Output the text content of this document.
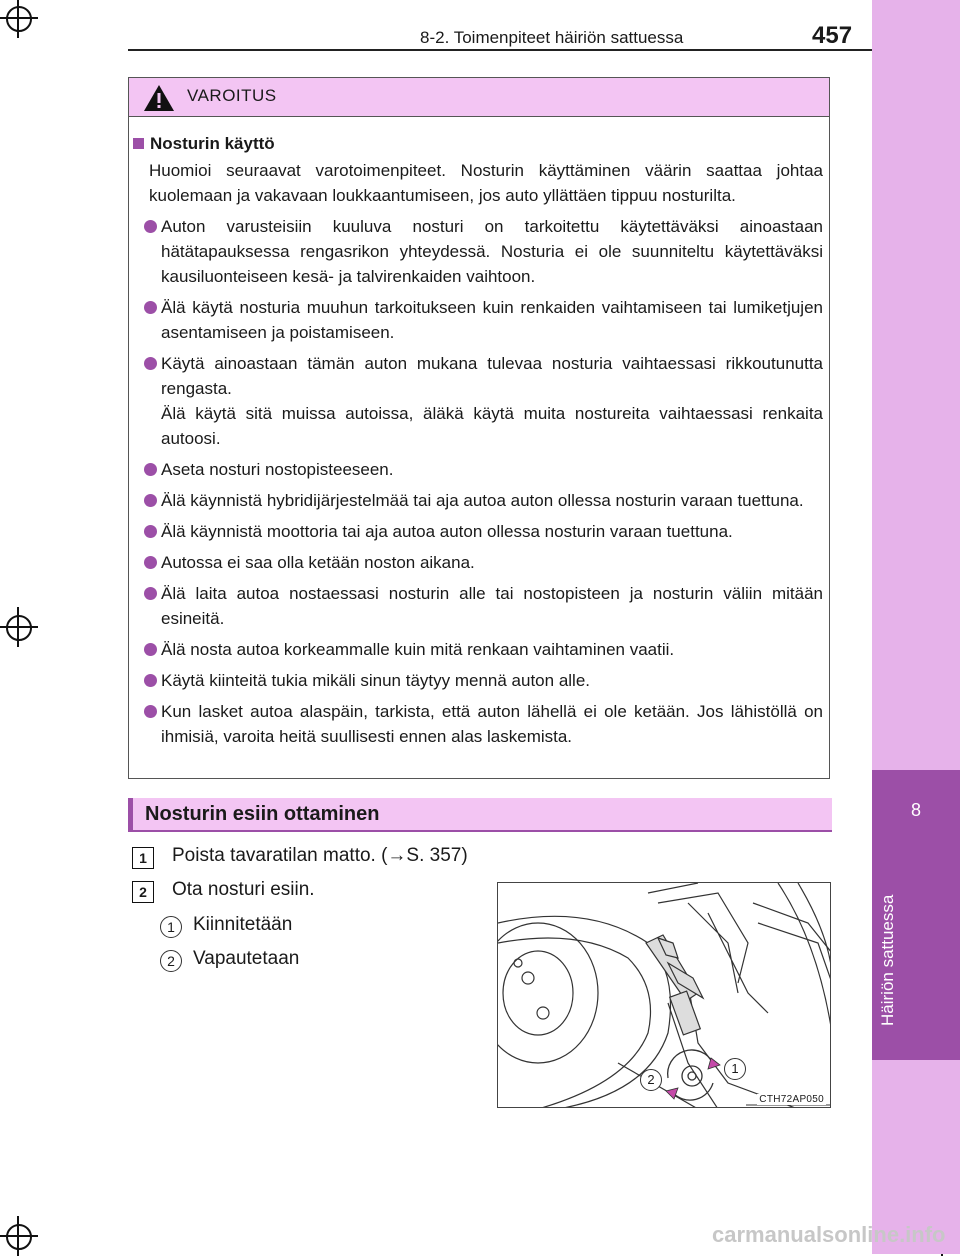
8
Häiriön sattuessa
8-2. Toimenpiteet häiriön sattuessa	457
VAROITUS
Nosturin käyttö

Huomioi seuraavat varotoimenpiteet. Nosturin käyttäminen väärin saattaa johtaa kuolemaan ja vakavaan loukkaantumiseen, jos auto yllättäen tippuu nosturilta.

Auton varusteisiin kuuluva nosturi on tarkoitettu käytettäväksi ainoastaan hätätapauksessa rengasrikon yhteydessä. Nosturia ei ole suunniteltu käytettäväksi kausiluonteiseen kesä- ja talvirenkaiden vaihtoon.
Älä käytä nosturia muuhun tarkoitukseen kuin renkaiden vaihtamiseen tai lumiketjujen asentamiseen ja poistamiseen.
Käytä ainoastaan tämän auton mukana tulevaa nosturia vaihtaessasi rikkoutunutta rengasta.
Älä käytä sitä muissa autoissa, äläkä käytä muita nostureita vaihtaessasi renkaita autoosi.
Aseta nosturi nostopisteeseen.
Älä käynnistä hybridijärjestelmää tai aja autoa auton ollessa nosturin varaan tuettuna.
Älä käynnistä moottoria tai aja autoa auton ollessa nosturin varaan tuettuna.
Autossa ei saa olla ketään noston aikana.
Älä laita autoa nostaessasi nosturin alle tai nostopisteen ja nosturin väliin mitään esineitä.
Älä nosta autoa korkeammalle kuin mitä renkaan vaihtaminen vaatii.
Käytä kiinteitä tukia mikäli sinun täytyy mennä auton alle.
Kun lasket autoa alaspäin, tarkista, että auton lähellä ei ole ketään. Jos lähistöllä on ihmisiä, varoita heitä suullisesti ennen alas laskemista.
Nosturin esiin ottaminen
1	Poista tavaratilan matto. (→S. 357)
2	Ota nosturi esiin.
1 Kiinnitetään
2 Vapautetaan
1
2
CTH72AP050
carmanualsonline.info
